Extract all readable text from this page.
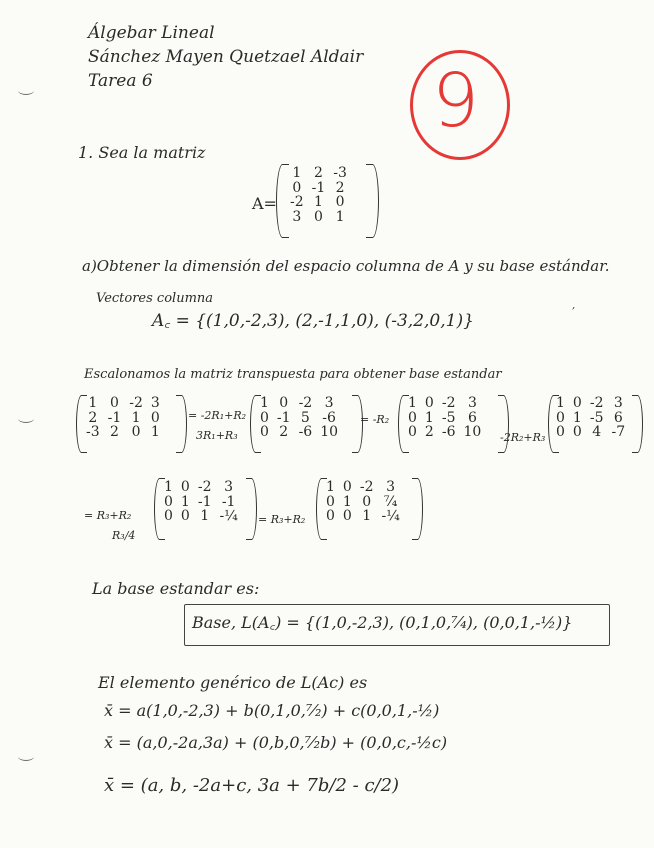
Álgebar Lineal
Sánchez Mayen Quetzael Aldair
Tarea 6	9
1. Sea la matriz
A=
1	2	-3
0	-1	2
-2	1	0
3	0	1
a)Obtener la dimensión del espacio columna de A y su base estándar.
Vectores columna
A꜀ = {(1,0,-2,3), (2,-1,1,0), (-3,2,0,1)}
Escalonamos la matriz transpuesta para obtener base estandar
1	0	-2	3
2	-1	1	0
-3	2	0	1
= -2R₁+R₂
3R₁+R₃
1	0	-2	3
0	-1	5	-6
0	2	-6	10
= -R₂
1	0	-2	3
0	1	-5	6
0	2	-6	10 -2R₂+R₃
1	0	-2	3
0	1	-5	6
0	0	4	-7
= R₃+R₂
R₃/4
1	0	-2	3
0	1	-1	-1
0	0	1	-¼ = R₃+R₂
1	0	-2	3
0	1	0	⁷⁄₄
0	0	1	-¼
La base estandar es:
Base, L(A꜀) = {(1,0,-2,3), (0,1,0,⁷⁄₄), (0,0,1,-½)}
El elemento genérico de L(Ac) es
x̄ = a(1,0,-2,3) + b(0,1,0,⁷⁄₂) + c(0,0,1,-½)
x̄ = (a,0,-2a,3a) + (0,b,0,⁷⁄₂b) + (0,0,c,-½c)
x̄ = (a, b, -2a+c, 3a + 7b/2 - c/2)
,
